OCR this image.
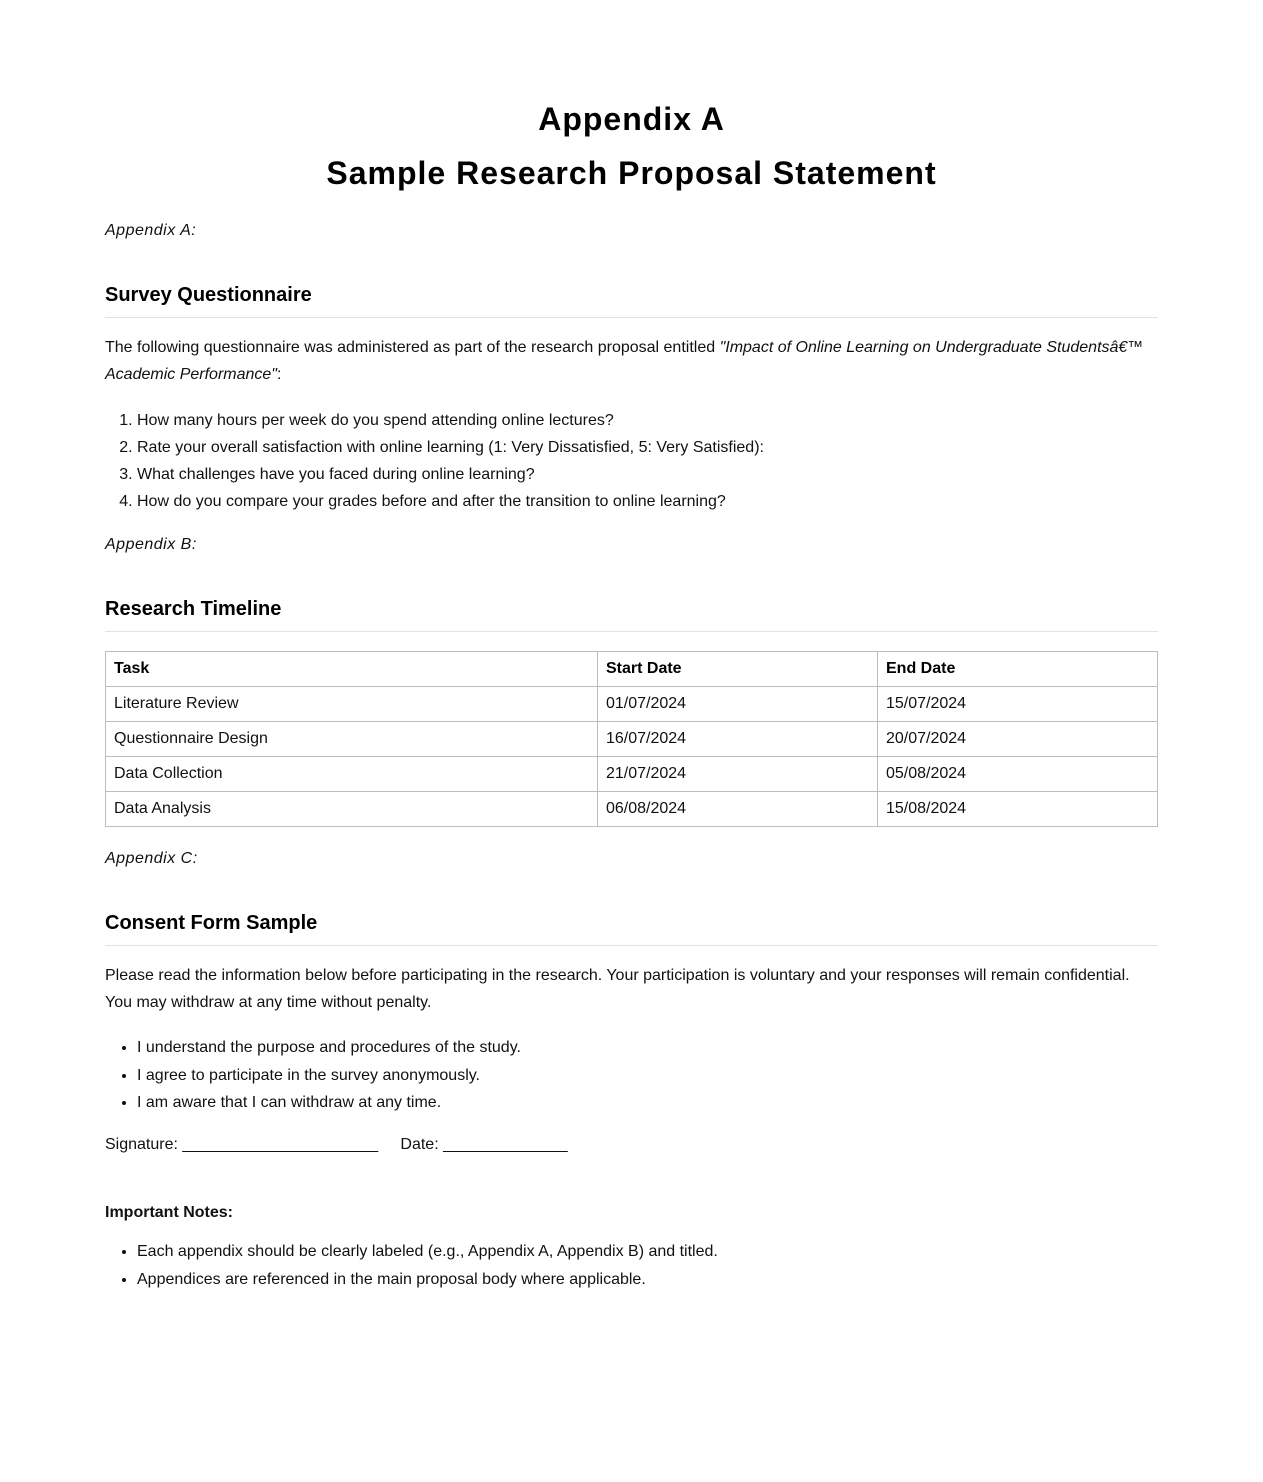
Appendix A
Sample Research Proposal Statement
Appendix A:
Survey Questionnaire

The following questionnaire was administered as part of the research proposal entitled "Impact of Online Learning on Undergraduate Studentsâ€™ Academic Performance":

1. How many hours per week do you spend attending online lectures?
2. Rate your overall satisfaction with online learning (1: Very Dissatisfied, 5: Very Satisfied):
3. What challenges have you faced during online learning?
4. How do you compare your grades before and after the transition to online learning?
Appendix B:
Research Timeline
Task	Start Date	End Date
Literature Review	01/07/2024	15/07/2024
Questionnaire Design	16/07/2024	20/07/2024
Data Collection	21/07/2024	05/08/2024
Data Analysis	06/08/2024	15/08/2024
Appendix C:
Consent Form Sample

Please read the information below before participating in the research. Your participation is voluntary and your responses will remain confidential. You may withdraw at any time without penalty.

• I understand the purpose and procedures of the study.
• I agree to participate in the survey anonymously.
• I am aware that I can withdraw at any time.
Signature: ______________________ Date: ______________
Important Notes:
• Each appendix should be clearly labeled (e.g., Appendix A, Appendix B) and titled.
• Appendices are referenced in the main proposal body where applicable.
